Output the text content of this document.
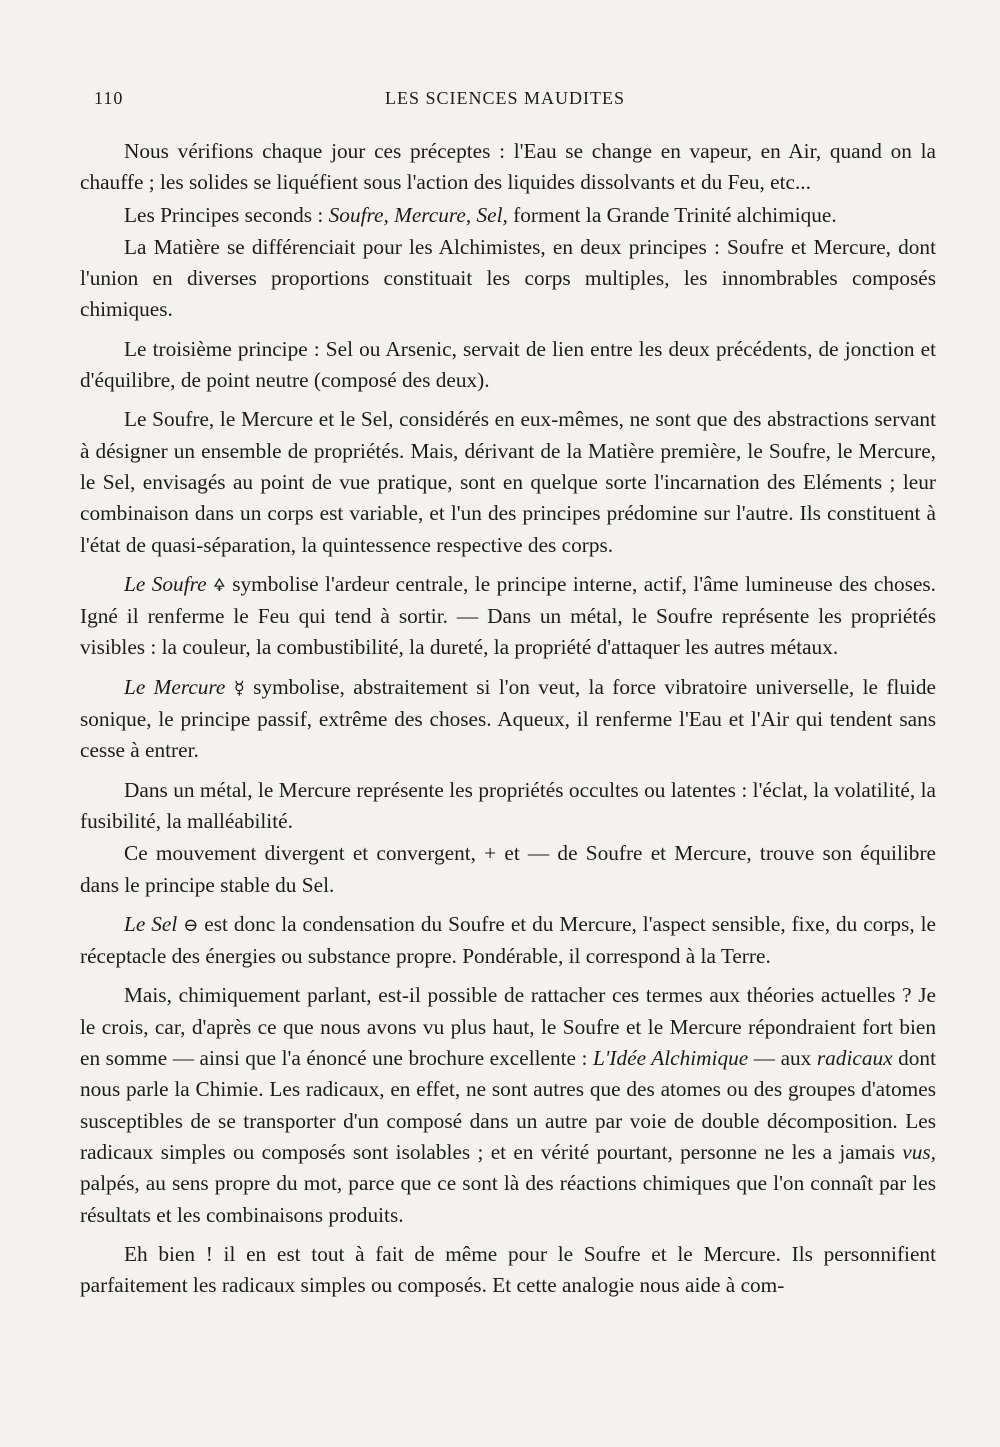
110	LES SCIENCES MAUDITES

Nous vérifions chaque jour ces préceptes : l'Eau se change en vapeur, en Air, quand on la chauffe ; les solides se liquéfient sous l'action des liquides dissolvants et du Feu, etc...

Les Principes seconds : Soufre, Mercure, Sel, forment la Grande Trinité alchimique.

La Matière se différenciait pour les Alchimistes, en deux principes : Soufre et Mercure, dont l'union en diverses proportions constituait les corps multiples, les innombrables composés chimiques.

Le troisième principe : Sel ou Arsenic, servait de lien entre les deux précédents, de jonction et d'équilibre, de point neutre (composé des deux).

Le Soufre, le Mercure et le Sel, considérés en eux-mêmes, ne sont que des abstractions servant à désigner un ensemble de propriétés. Mais, dérivant de la Matière première, le Soufre, le Mercure, le Sel, envisagés au point de vue pratique, sont en quelque sorte l'incarnation des Eléments ; leur combinaison dans un corps est variable, et l'un des principes prédomine sur l'autre. Ils constituent à l'état de quasi-séparation, la quintessence respective des corps.

Le Soufre 🜍 symbolise l'ardeur centrale, le principe interne, actif, l'âme lumineuse des choses. Igné il renferme le Feu qui tend à sortir. — Dans un métal, le Soufre représente les propriétés visibles : la couleur, la combustibilité, la dureté, la propriété d'attaquer les autres métaux.

Le Mercure ☿ symbolise, abstraitement si l'on veut, la force vibratoire universelle, le fluide sonique, le principe passif, extrême des choses. Aqueux, il renferme l'Eau et l'Air qui tendent sans cesse à entrer.

Dans un métal, le Mercure représente les propriétés occultes ou latentes : l'éclat, la volatilité, la fusibilité, la malléabilité.

Ce mouvement divergent et convergent, + et — de Soufre et Mercure, trouve son équilibre dans le principe stable du Sel.

Le Sel ⊖ est donc la condensation du Soufre et du Mercure, l'aspect sensible, fixe, du corps, le réceptacle des énergies ou substance propre. Pondérable, il correspond à la Terre.

Mais, chimiquement parlant, est-il possible de rattacher ces termes aux théories actuelles ? Je le crois, car, d'après ce que nous avons vu plus haut, le Soufre et le Mercure répondraient fort bien en somme — ainsi que l'a énoncé une brochure excellente : L'Idée Alchimique — aux radicaux dont nous parle la Chimie. Les radicaux, en effet, ne sont autres que des atomes ou des groupes d'atomes susceptibles de se transporter d'un composé dans un autre par voie de double décomposition. Les radicaux simples ou composés sont isolables ; et en vérité pourtant, personne ne les a jamais vus, palpés, au sens propre du mot, parce que ce sont là des réactions chimiques que l'on connaît par les résultats et les combinaisons produits.

Eh bien ! il en est tout à fait de même pour le Soufre et le Mercure. Ils personnifient parfaitement les radicaux simples ou composés. Et cette analogie nous aide à com-
